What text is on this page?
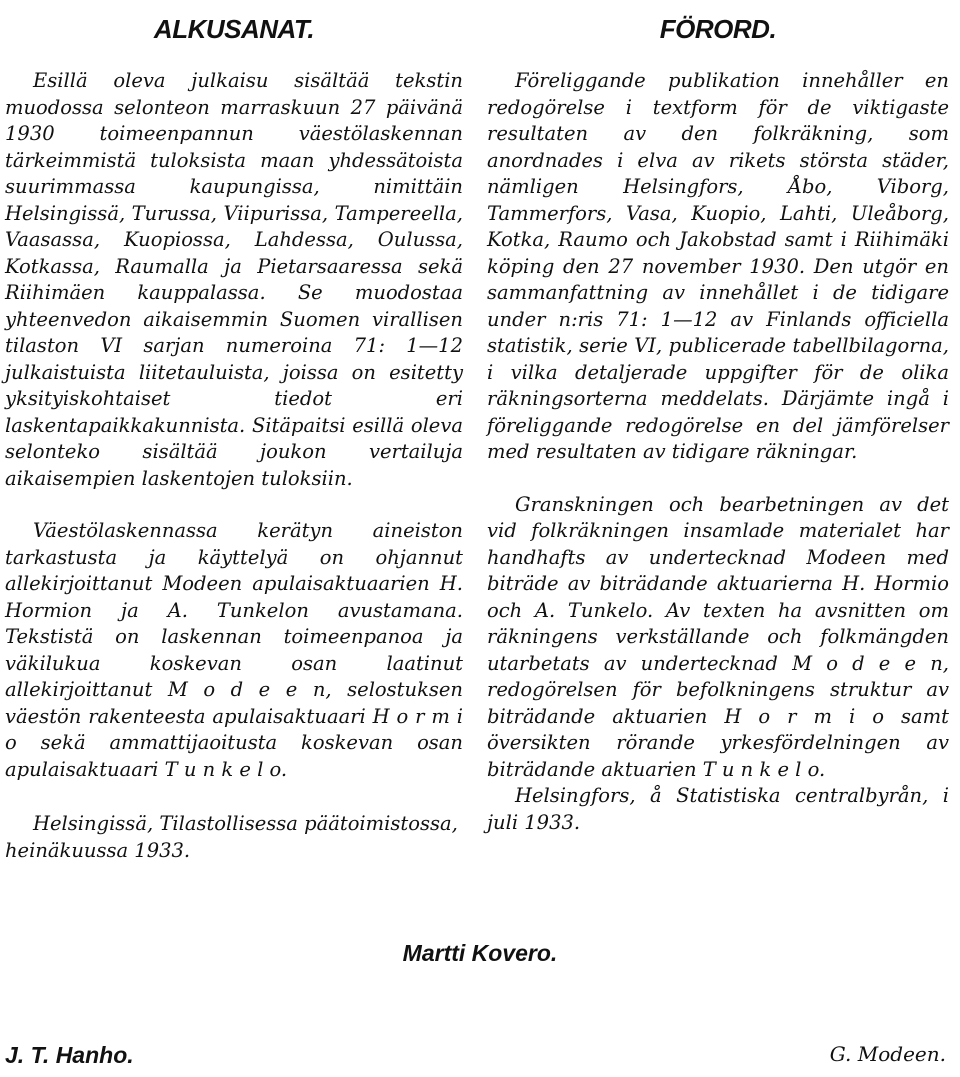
ALKUSANAT.

Esillä oleva julkaisu sisältää tekstin muodossa selonteon marraskuun 27 päivänä 1930 toimeenpannun väestölaskennan tärkeimmistä tuloksista maan yhdessätoista suurimmassa kaupungissa, nimittäin Helsingissä, Turussa, Viipurissa, Tampereella, Vaasassa, Kuopiossa, Lahdessa, Oulussa, Kotkassa, Raumalla ja Pietarsaaressa sekä Riihimäen kauppalassa. Se muodostaa yhteenvedon aikaisemmin Suomen virallisen tilaston VI sarjan numeroina 71: 1—12 julkaistuista liitetauluista, joissa on esitetty yksityiskohtaiset tiedot eri laskentapaikkakunnista. Sitäpaitsi esillä oleva selonteko sisältää joukon vertailuja aikaisempien laskentojen tuloksiin.

Väestölaskennassa kerätyn aineiston tarkastusta ja käyttelyä on ohjannut allekirjoittanut Modeen apulaisaktuaarien H. Hormion ja A. Tunkelon avustamana. Tekstistä on laskennan toimeenpanoa ja väkilukua koskevan osan laatinut allekirjoittanut M o d e e n, selostuksen väestön rakenteesta apulaisaktuaari H o r m i o sekä ammattijaoitusta koskevan osan apulaisaktuaari T u n k e l o.

Helsingissä, Tilastollisessa päätoimistossa, heinäkuussa 1933.

FÖRORD.

Föreliggande publikation innehåller en redogörelse i textform för de viktigaste resultaten av den folkräkning, som anordnades i elva av rikets största städer, nämligen Helsingfors, Åbo, Viborg, Tammerfors, Vasa, Kuopio, Lahti, Uleåborg, Kotka, Raumo och Jakobstad samt i Riihimäki köping den 27 november 1930. Den utgör en sammanfattning av innehållet i de tidigare under n:ris 71: 1—12 av Finlands officiella statistik, serie VI, publicerade tabellbilagorna, i vilka detaljerade uppgifter för de olika räkningsorterna meddelats. Därjämte ingå i föreliggande redogörelse en del jämförelser med resultaten av tidigare räkningar.

Granskningen och bearbetningen av det vid folkräkningen insamlade materialet har handhafts av undertecknad Modeen med biträde av biträdande aktuarierna H. Hormio och A. Tunkelo. Av texten ha avsnitten om räkningens verkställande och folkmängden utarbetats av undertecknad M o d e e n, redogörelsen för befolkningens struktur av biträdande aktuarien H o r m i o samt översikten rörande yrkesfördelningen av biträdande aktuarien T u n k e l o.

Helsingfors, å Statistiska centralbyrån, i juli 1933.

Martti Kovero.
J. T. Hanho.	G. Modeen.
